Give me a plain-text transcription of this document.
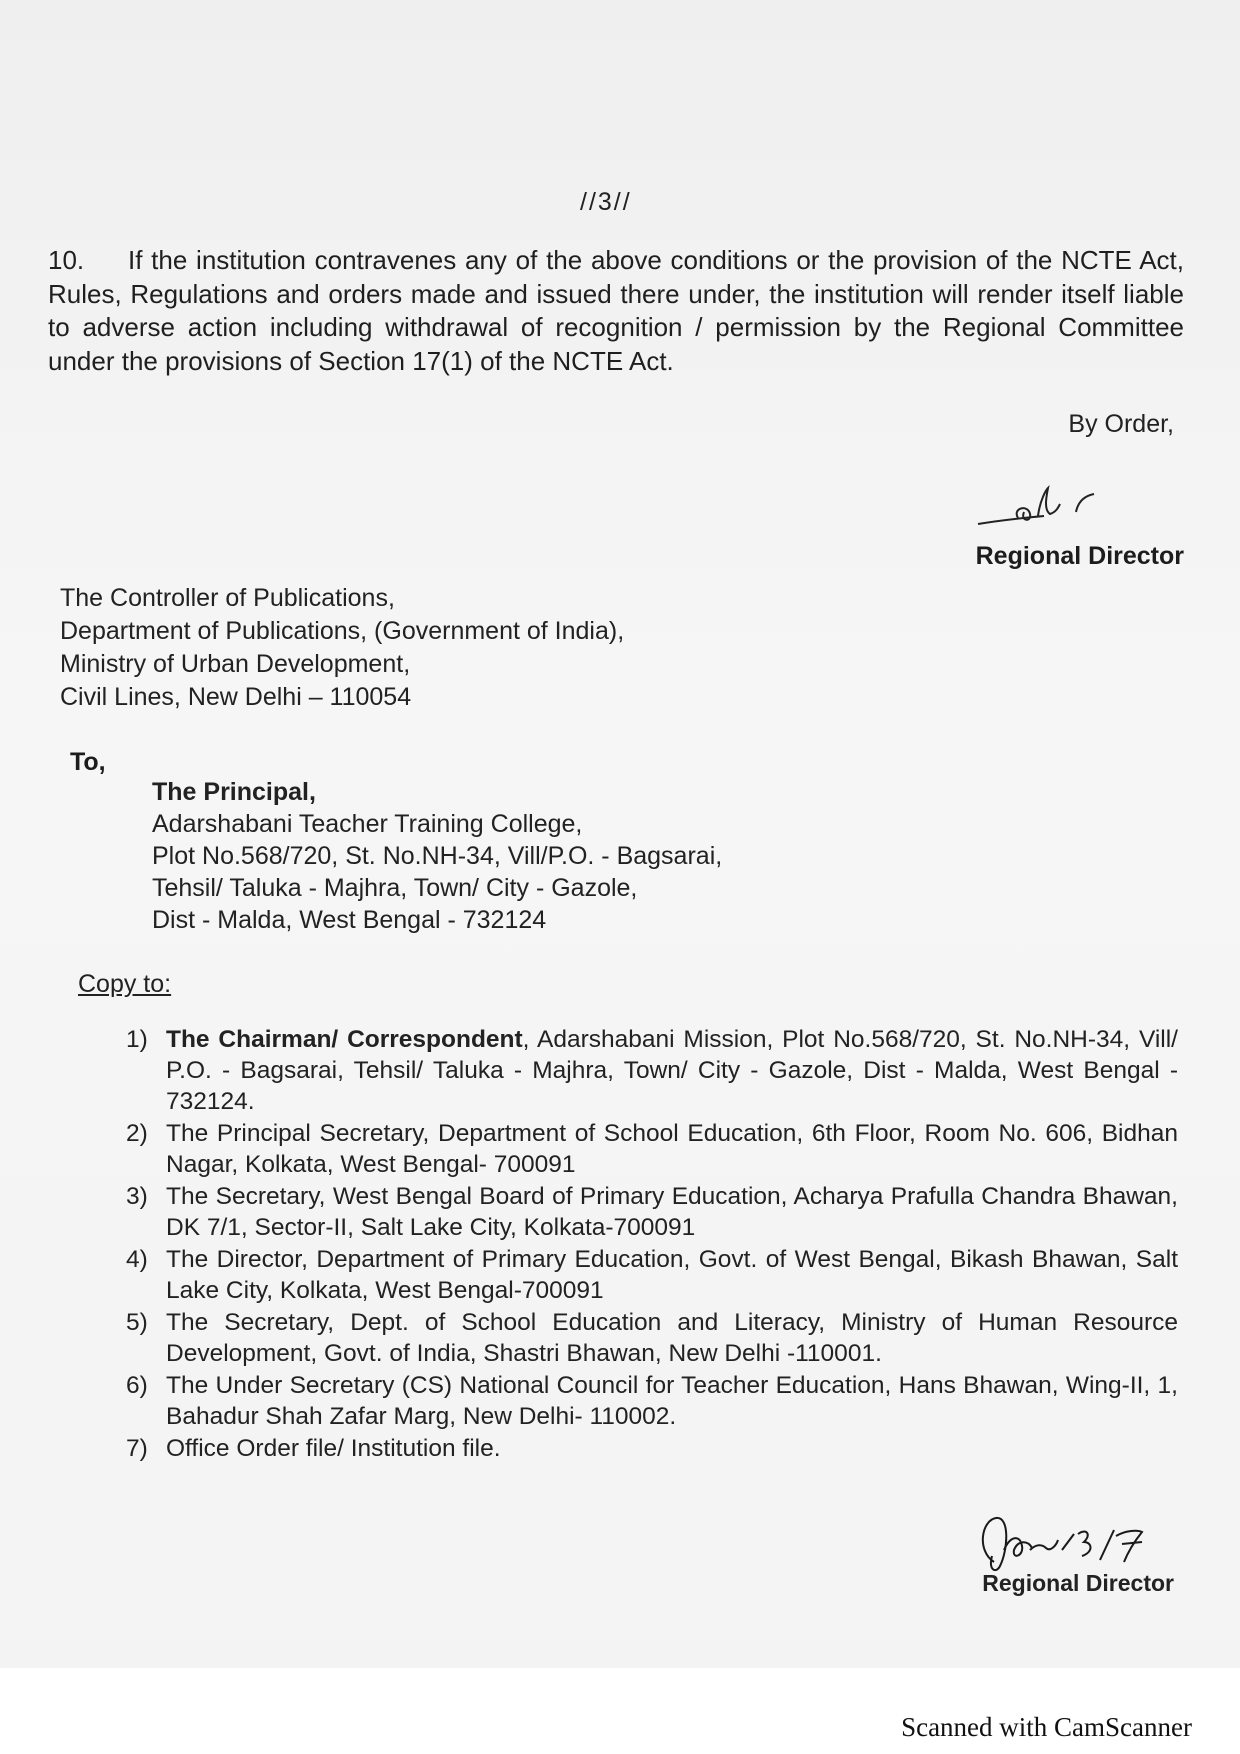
//3//
10. If the institution contravenes any of the above conditions or the provision of the NCTE Act, Rules, Regulations and orders made and issued there under, the institution will render itself liable to adverse action including withdrawal of recognition / permission by the Regional Committee under the provisions of Section 17(1) of the NCTE Act.
By Order,
Regional Director
The Controller of Publications,
Department of Publications, (Government of India),
Ministry of Urban Development,
Civil Lines, New Delhi – 110054
To,
The Principal,
Adarshabani Teacher Training College,
Plot No.568/720, St. No.NH-34, Vill/P.O. - Bagsarai,
Tehsil/ Taluka - Majhra, Town/ City - Gazole,
Dist - Malda, West Bengal - 732124
Copy to:
1) The Chairman/ Correspondent, Adarshabani Mission, Plot No.568/720, St. No.NH-34, Vill/ P.O. - Bagsarai, Tehsil/ Taluka - Majhra, Town/ City - Gazole, Dist - Malda, West Bengal - 732124.
2) The Principal Secretary, Department of School Education, 6th Floor, Room No. 606, Bidhan Nagar, Kolkata, West Bengal- 700091
3) The Secretary, West Bengal Board of Primary Education, Acharya Prafulla Chandra Bhawan, DK 7/1, Sector-II, Salt Lake City, Kolkata-700091
4) The Director, Department of Primary Education, Govt. of West Bengal, Bikash Bhawan, Salt Lake City, Kolkata, West Bengal-700091
5) The Secretary, Dept. of School Education and Literacy, Ministry of Human Resource Development, Govt. of India, Shastri Bhawan, New Delhi -110001.
6) The Under Secretary (CS) National Council for Teacher Education, Hans Bhawan, Wing-II, 1, Bahadur Shah Zafar Marg, New Delhi- 110002.
7) Office Order file/ Institution file.
Regional Director
Scanned with CamScanner
